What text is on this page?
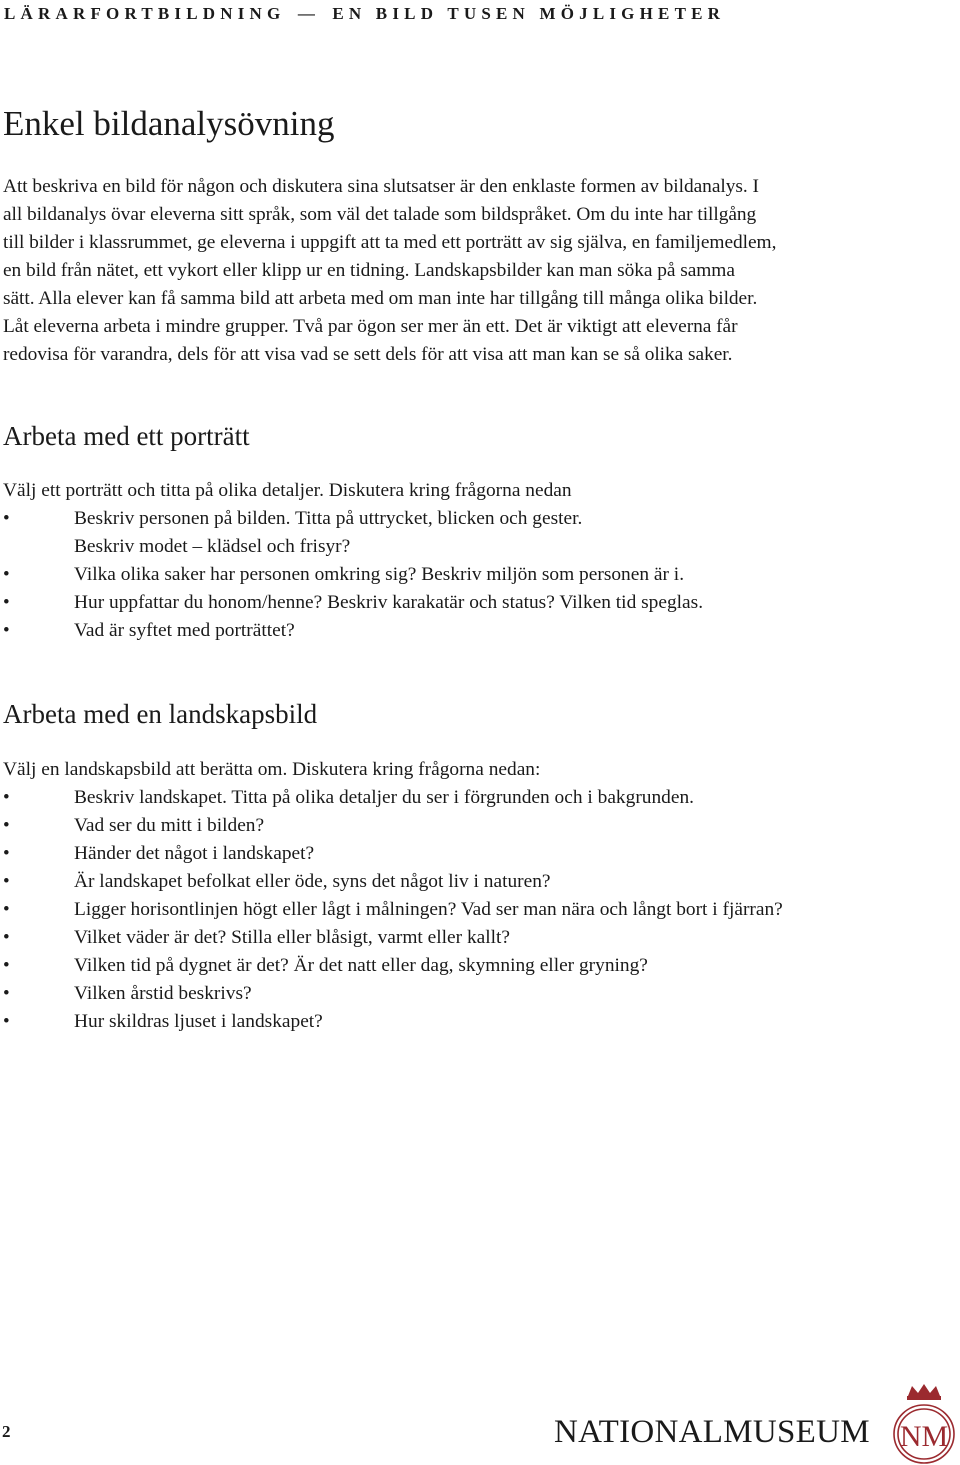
LÄRARFORTBILDNING — EN BILD TUSEN MÖJLIGHETER
Enkel bildanalysövning

Att beskriva en bild för någon och diskutera sina slutsatser är den enklaste formen av bildanalys. I
all bildanalys övar eleverna sitt språk, som väl det talade som bildspråket. Om du inte har tillgång
till bilder i klassrummet, ge eleverna i uppgift att ta med ett porträtt av sig själva, en familjemedlem,
en bild från nätet, ett vykort eller klipp ur en tidning. Landskapsbilder kan man söka på samma
sätt. Alla elever kan få samma bild att arbeta med om man inte har tillgång till många olika bilder.
Låt eleverna arbeta i mindre grupper. Två par ögon ser mer än ett. Det är viktigt att eleverna får
redovisa för varandra, dels för att visa vad se sett dels för att visa att man kan se så olika saker.

Arbeta med ett porträtt

Välj ett porträtt och titta på olika detaljer. Diskutera kring frågorna nedan

•	Beskriv personen på bilden. Titta på uttrycket, blicken och gester.
Beskriv modet – klädsel och frisyr?
•	Vilka olika saker har personen omkring sig? Beskriv miljön som personen är i.
•	Hur uppfattar du honom/henne? Beskriv karakatär och status? Vilken tid speglas.
•	Vad är syftet med porträttet?
Arbeta med en landskapsbild

Välj en landskapsbild att berätta om. Diskutera kring frågorna nedan:

•	Beskriv landskapet. Titta på olika detaljer du ser i förgrunden och i bakgrunden.
•	Vad ser du mitt i bilden?
•	Händer det något i landskapet?
•	Är landskapet befolkat eller öde, syns det något liv i naturen?
•	Ligger horisontlinjen högt eller lågt i målningen? Vad ser man nära och långt bort i fjärran?
•	Vilket väder är det? Stilla eller blåsigt, varmt eller kallt?
•	Vilken tid på dygnet är det? Är det natt eller dag, skymning eller gryning?
•	Vilken årstid beskrivs?
•	Hur skildras ljuset i landskapet?
2	NATIONALMUSEUM NM
